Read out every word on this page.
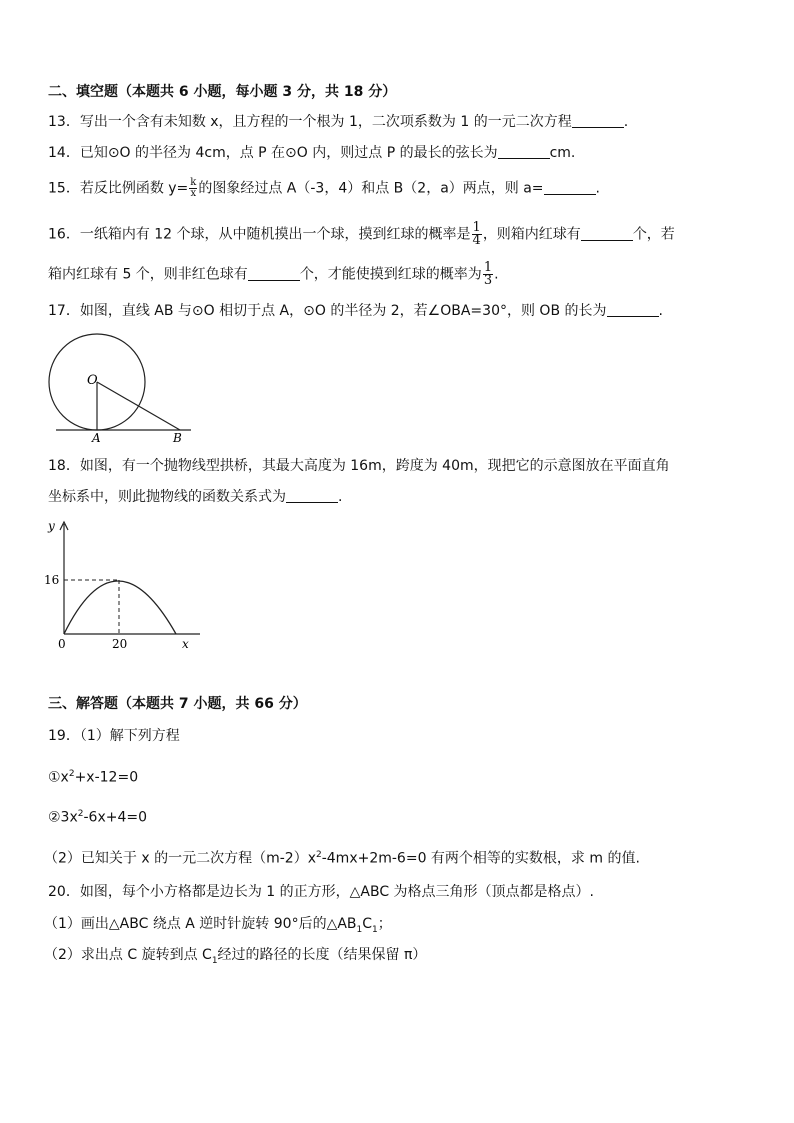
二、填空题（本题共 6 小题，每小题 3 分，共 18 分）
13．写出一个含有未知数 x，且方程的一个根为 1，二次项系数为 1 的一元二次方程	.
14．已知⊙O 的半径为 4cm，点 P 在⊙O 内，则过点 P 的最长的弦长为	cm.
15．若反比例函数 $y= \frac{k}{x}$ 的图象经过点 A（-3，4）和点 B（2，a）两点，则 a=	.
16．一纸箱内有 12 个球，从中随机摸出一个球，摸到红球的概率是 $\frac{1}{4}$ ，则箱内红球有	个，若
箱内红球有 5 个，则非红色球有	个，才能使摸到红球的概率为 $\frac{1}{3}$ .
17．如图，直线 AB 与⊙O 相切于点 A，⊙O 的半径为 2，若∠OBA=30°，则 OB 的长为	.
O
A	B
18．如图，有一个抛物线型拱桥，其最大高度为 16m，跨度为 40m，现把它的示意图放在平面直角
坐标系中，则此抛物线的函数关系式为	.
y
16
0	20	x
三、解答题（本题共 7 小题，共 66 分）
19．（1）解下列方程
$①x^2+x-12=0$
$②3x^2-6x+4=0$
（2）已知关于 x 的一元二次方程$(m-2)x^2-4mx+2m-6=0$ 有两个相等的实数根，求 m 的值.
20．如图，每个小方格都是边长为 1 的正方形，△ABC 为格点三角形（顶点都是格点）.
（1）画出△ABC 绕点 A 逆时针旋转 90°后的$\triangle AB_1C_1$；
（2）求出点 C 旋转到点 $C_1$经过的路径的长度（结果保留 π）
